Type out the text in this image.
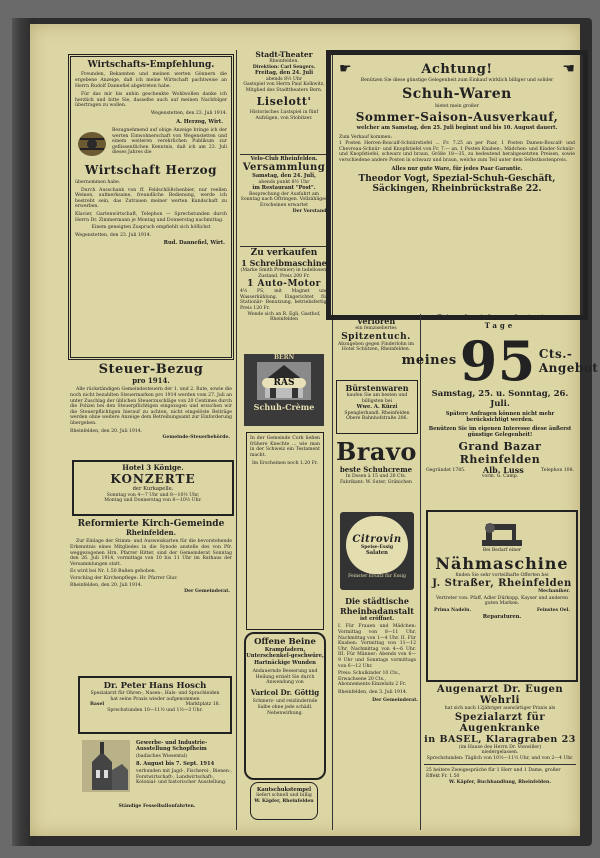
Wirtschafts-Empfehlung.
Freunden, Bekannten und meinen werten Gönnern die ergebene Anzeige, daß ich meine Wirtschaft pachtweise an Herrn Rudolf Dannefiel abgetreten habe.
Für das mir bis anhin geschenkte Wohlwollen danke ich herzlich und bitte Sie, dasselbe auch auf meinen Nachfolger übertragen zu wollen.
Wegenstetten, den 23. Juli 1914.
A. Herzog, Wirt.
Bezugnehmend auf obige Anzeige bringe ich der werten Einwohnerschaft von Wegenstetten und einem weiteren verehrlichen Publikum zur geflissentlichen Kenntnis, daß ich am 23. Juli dieses Jahres die
Wirtschaft Herzog
übernommen habe.
Durch Ausschank von ff. Feldschlößchenbier, nur reellen Weinen, aufmerksame, freundliche Bedienung, werde ich bestrebt sein, das Zutrauen meiner werten Kundschaft zu erwerben.
Klavier, Gartenwirtschaft, Telephon — Sprechstunden durch Herrn Dr. Zimmermann je Montag und Donnerstag nachmittag.
Einem geneigten Zuspruch empfiehlt sich höflichst
Wegenstetten, den 23. Juli 1914.
Rud. Dannefiel, Wirt.
Steuer-Bezug
pro 1914.
Alle rückständigen Gemeindesteuern der 1. und 2. Rate, sowie die noch nicht bezahlten Steuermarken pro 1914 werden vom 27. Juli an unter Zuschlag der üblichen Steuerzuschläge von 20 Centimes durch die Polizei bei den Steuerpflichtigen eingezogen und ersuchen wir die Steuerpflichtigen hierauf zu achten, nicht eingelöste Beiträge werden ohne weitere Anzeige dem Betreibungsamt zur Einforderung übergeben.
Rheinfelden, den 20. Juli 1914.
Gemeinde-Steuerbehörde.
Hotel 3 Könige.
KONZERTE
der Kurkapelle.
Sonntag von 4—7 Uhr und 8—10½ Uhr,
Montag und Donnerstag von 8—10½ Uhr.
Reformierte Kirch-Gemeinde
Rheinfelden.
Zur Einlage der Stimm- und Ausweiskarten für die bevorstehende Erkenntnis eines Mitgliedes in die Synode anstelle des von Pfr. weggezogenen Hrn. Pfarrer Ritter, sind der Gemeinderat Sonntag den 26. Juli 1914, vormittags von 10 bis 11 Uhr im Rathaus der Versammlungen statt.
Es wird bei Nr. 1.50 Bußen gehoben.
Vorschlag der Kirchenpflege: Hr. Pfarrer Glur.
Rheinfelden, den 20. Juli 1914.
Der Gemeinderat.
Dr. Peter Hans Hosch
Spezialarzt für Ohren-, Nasen-, Hals- und Sprachleiden
hat seine Praxis wieder aufgenommen
Basel	Marktplatz 18.
Sprechstunden 10—11½ und 1½—3 Uhr.
Gewerbe- und Industrie-Ausstellung Schopfheim
(badisches Wiesental)
8. August bis 7. Sept. 1914
verbunden mit Jagd-, Fischerei-, Bienen-, Forstwirtschaft-, Landwirtschaft-, Kolonial- und historischer Ausstellung.
Ständige Fesselballonfahrten.
Stadt-Theater
Rheinfelden.
Direktion: Carl Sengers.
Freitag, den 24. Juli
abends 8½ Uhr
Gastspiel von Herrn Paul Kolkwitz, Mitglied des Stadttheaters Bern.
Liselott'
Historisches Lustspiel in fünf Aufzügen, von Stobitzer.
Velo-Club Rheinfelden.
Versammlung
Samstag, den 24. Juli,
abends punkt 8½ Uhr
im Restaurant "Post".
Besprechung der Ausfahrt am Sonntag nach Oftringen. Vollzähliges Erscheinen erwartet
Der Vorstand.
Zu verkaufen
1 Schreibmaschine
(Marke Smith Premier) in tadellosem Zustand. Preis 200 Fr.
1 Auto-Motor
4½ PS, mit Magnet und Wasserkühlung. Eingerichtet für Stationär- Benutzung, betriebsfertig. Preis 120 Fr.
Wende sich an R. Egli, Gasthof, Rheinfelden
BERN
RAS
Schuh-Crème
In der Gemeinde Cork ließen frühere Knechte ... wie man in der Schweiz ein Testament macht.
Im Erscheinen noch 1.20 Fr.
Offene Beine
Krampfadern, Unterschenkel-geschwüre,
Hartnäckige Wunden
Andauernde Besserung und Heilung erzielt Sie durch Anwendung von
Varicol Dr. Göttig
Schmerz- und reizlindernde Salbe ohne jede schädl. Nebenwirkung.
Kautschukstempel
liefert schnell und billig
W. Käpfer, Rheinfelden
☛	Achtung!	☚
Benützen Sie diese günstige Gelegenheit zum Einkauf wirklich billiger und solider
Schuh-Waren
bietet mein großer
Sommer-Saison-Ausverkauf,
welcher am Samstag, den 25. Juli beginnt und bis 10. August dauert.
Zum Verkauf kommen:
1 Posten Herren-Boxcalf-Schnürstiefel ... Fr. 7.25 an per Paar, 1 Posten Damen-Boxcalf- und Chevreau-Schnür- und Knopfstiefel von Fr. 7.— an, 1 Posten Knaben-, Mädchen- und Kinder-Schnür- und Knopfstiefel, schwarz und braun, Größe 18—35, zu bedeutend herabgesetzten Preisen, sowie verschiedene andere Posten in schwarz und braun, welche zum Teil unter dem Selbstkostenpreis.
Alles nur gute Ware, für jedes Paar Garantie.
Theodor Vogt, Spezial-Schuh-Geschäft,
Säckingen, Rheinbrückstraße 22.
Verloren
ein feinziseliertes
Spitzentuch.
Abzugeben gegen Finderlohn im Hotel Schützen, Rheinfelden.
Bürstenwaren
kaufen Sie am besten und billigsten bei
Wwe. A. Kürzi
Spenglerhandl. Rheinfelden Obere Bahnhofstraße 206.
Bravo
beste Schuhcreme
In Dosen à 15 und 20 Cts.
Fabrikant: W. Suter, Gränichen
Citrovin
Speise-Essig
Salaten
Feinster Ersatz für Essig
Die städtische Rheinbadanstalt
ist eröffnet.
I. Für Frauen und Mädchen: Vormittag von 8—11 Uhr, Nachmittag von 1—4 Uhr. II. Für Knaben: Vormittag von 11—12 Uhr, Nachmittag von 4—6 Uhr. III. Für Männer: Abends von 6—9 Uhr und Sonntags vormittags von 6—12 Uhr.
Preis: Schulkinder 10 Cts., Erwachsene 20 Cts., Abonnements-Einzelsitz 2 Fr.
Rheinfelden, den 3. Juli 1914.
Der Gemeinderat.
Die beiden letzten Tage
meines 95 Cts.-
Angebot
Samstag, 25. u. Sonntag, 26. Juli.
Spätere Anfragen können nicht mehr berücksichtigt werden.
Benützen Sie im eigenen Interesse diese äußerst günstige Gelegenheit!
Grand Bazar Rheinfelden
Gegründet 1785. Alb. Luss	Telephon 108.
vorm. G. Camp.
Bei Bedarf einer
Nähmaschine
finden Sie sehr vorteilhafte Offerten bei
J. Straßer, Rheinfelden
Mechaniker.
Vertreter von: Pfaff, Adler Dürkopp, Kayser und anderen guten Marken.
Prima Nadeln.	Feinstes Oel.
Reparaturen.
Augenarzt Dr. Eugen Wehrli
hat sich nach 12jähriger auswärtiger Praxis als
Spezialarzt für Augenkranke
in BASEL, Klaragraben 23
(im Hause des Herrn Dr. Vonwiller)
niedergelassen.
Sprechstunden: Täglich von 10½—11½ Uhr, und von 2—4 Uhr.
25 heitere Zweigespräche für 1 Herr und 1 Dame, großer Effekt Fr. 1.50
W. Käpfer, Buchhandlung, Rheinfelden.
